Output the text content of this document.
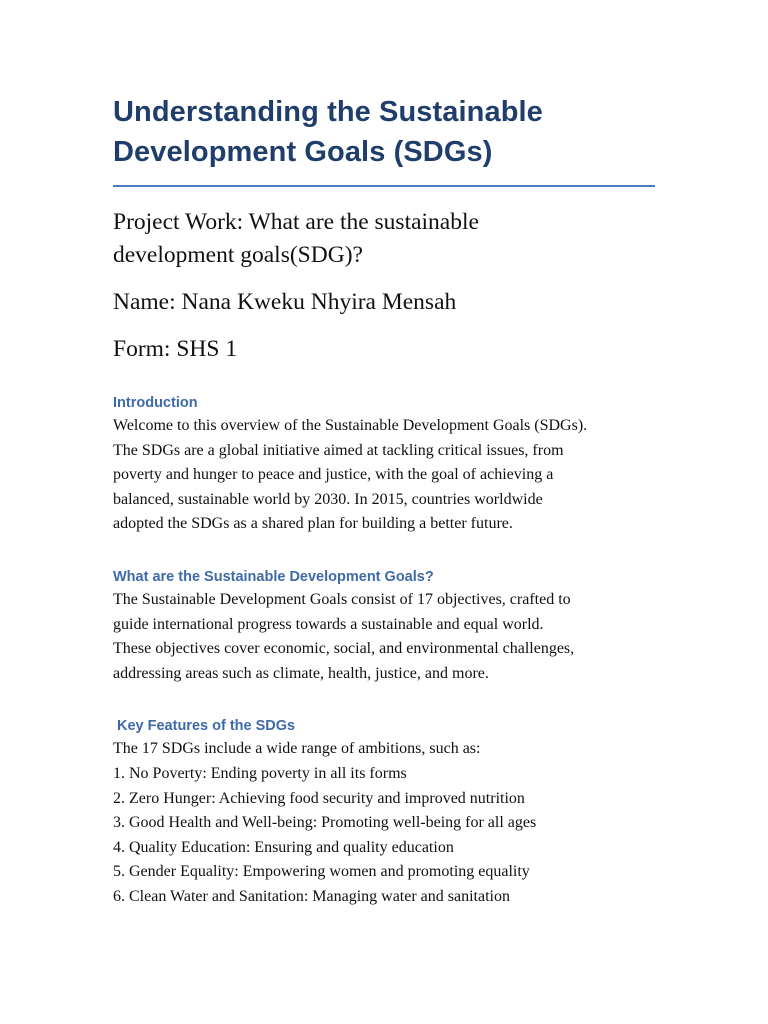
Understanding the Sustainable
Development Goals (SDGs)
Project Work: What are the sustainable
development goals(SDG)?
Name: Nana Kweku Nhyira Mensah
Form: SHS 1
Introduction
Welcome to this overview of the Sustainable Development Goals (SDGs).
The SDGs are a global initiative aimed at tackling critical issues, from
poverty and hunger to peace and justice, with the goal of achieving a
balanced, sustainable world by 2030. In 2015, countries worldwide
adopted the SDGs as a shared plan for building a better future.
What are the Sustainable Development Goals?
The Sustainable Development Goals consist of 17 objectives, crafted to
guide international progress towards a sustainable and equal world.
These objectives cover economic, social, and environmental challenges,
addressing areas such as climate, health, justice, and more.
Key Features of the SDGs
The 17 SDGs include a wide range of ambitions, such as:
1. No Poverty: Ending poverty in all its forms
2. Zero Hunger: Achieving food security and improved nutrition
3. Good Health and Well-being: Promoting well-being for all ages
4. Quality Education: Ensuring and quality education
5. Gender Equality: Empowering women and promoting equality
6. Clean Water and Sanitation: Managing water and sanitation
